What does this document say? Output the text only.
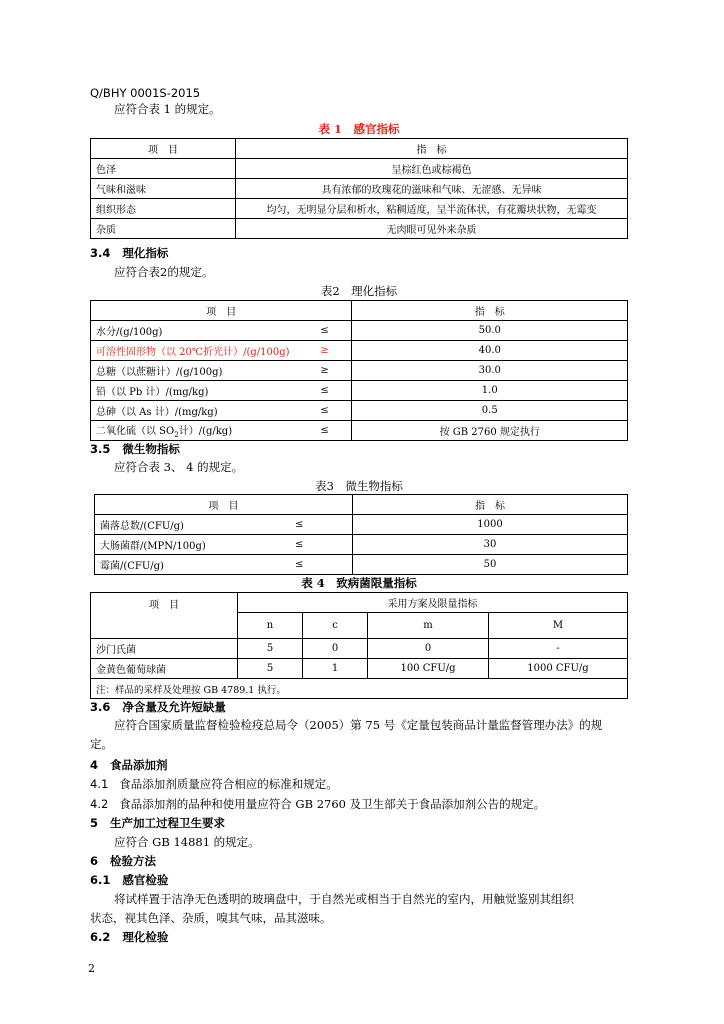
Q/BHY 0001S-2015
应符合表 1 的规定。
表 1　感官指标
项　目	指　标
色泽	呈棕红色或棕褐色
气味和滋味	具有浓郁的玫瑰花的滋味和气味、无涩感、无异味
组织形态	均匀，无明显分层和析水，粘稠适度，呈半流体状，有花瓣块状物，无霉变
杂质	无肉眼可见外来杂质
3.4 理化指标
应符合表2的规定。
表2　理化指标
项　目		指　标
水分/(g/100g)	≤	50.0
可溶性固形物（以 20℃折光计）/(g/100g)	≥	40.0
总糖（以蔗糖计）/(g/100g)	≥	30.0
铅（以 Pb 计）/(mg/kg)	≤	1.0
总砷（以 As 计）/(mg/kg)	≤	0.5
二氧化硫（以 $SO_2$计）/(g/kg)	≤	按 GB 2760 规定执行
3.5 微生物指标
应符合表 3、 4 的规定。
表3　微生物指标
项　目		指　标
菌落总数/(CFU/g)	≤	1000
大肠菌群/(MPN/100g)	≤	30
霉菌/(CFU/g)	≤	50
表 4　致病菌限量指标
项　目	采用方案及限量指标			
	n	c	m	M
沙门氏菌	5	0	0	-
金黄色葡萄球菌	5	1	100 CFU/g	1000 CFU/g
注：样品的采样及处理按 GB 4789.1 执行。				
3.6 净含量及允许短缺量
应符合国家质量监督检验检疫总局令（2005）第 75 号《定量包装商品计量监督管理办法》的规
定。
4 食品添加剂
4.1 食品添加剂质量应符合相应的标准和规定。
4.2 食品添加剂的品种和使用量应符合 GB 2760 及卫生部关于食品添加剂公告的规定。
5 生产加工过程卫生要求
应符合 GB 14881 的规定。
6 检验方法
6.1 感官检验
将试样置于洁净无色透明的玻璃盘中，于自然光或相当于自然光的室内，用触觉鉴别其组织
状态，视其色泽、杂质，嗅其气味，品其滋味。
6.2 理化检验
2
